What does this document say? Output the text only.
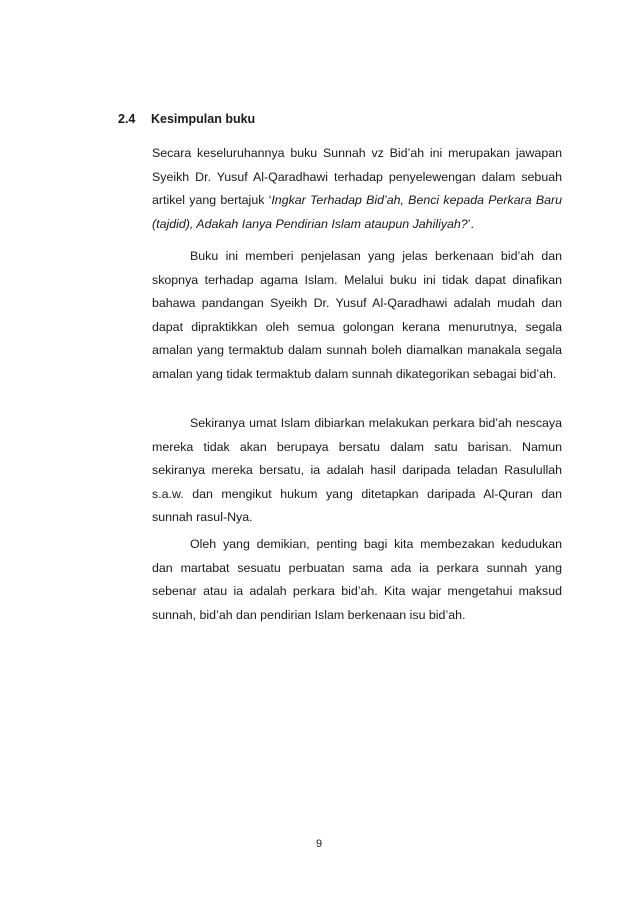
2.4 Kesimpulan buku
Secara keseluruhannya buku Sunnah vz Bid’ah ini merupakan jawapan Syeikh Dr. Yusuf Al-Qaradhawi terhadap penyelewengan dalam sebuah artikel yang bertajuk ‘Ingkar Terhadap Bid’ah, Benci kepada Perkara Baru (tajdid), Adakah Ianya Pendirian Islam ataupun Jahiliyah?’.
Buku ini memberi penjelasan yang jelas berkenaan bid’ah dan skopnya terhadap agama Islam. Melalui buku ini tidak dapat dinafikan bahawa pandangan Syeikh Dr. Yusuf Al-Qaradhawi adalah mudah dan dapat dipraktikkan oleh semua golongan kerana menurutnya, segala amalan yang termaktub dalam sunnah boleh diamalkan manakala segala amalan yang tidak termaktub dalam sunnah dikategorikan sebagai bid’ah.
Sekiranya umat Islam dibiarkan melakukan perkara bid’ah nescaya mereka tidak akan berupaya bersatu dalam satu barisan. Namun sekiranya mereka bersatu, ia adalah hasil daripada teladan Rasulullah s.a.w. dan mengikut hukum yang ditetapkan daripada Al-Quran dan sunnah rasul-Nya.
Oleh yang demikian, penting bagi kita membezakan kedudukan dan martabat sesuatu perbuatan sama ada ia perkara sunnah yang sebenar atau ia adalah perkara bid’ah. Kita wajar mengetahui maksud sunnah, bid’ah dan pendirian Islam berkenaan isu bid’ah.
9
